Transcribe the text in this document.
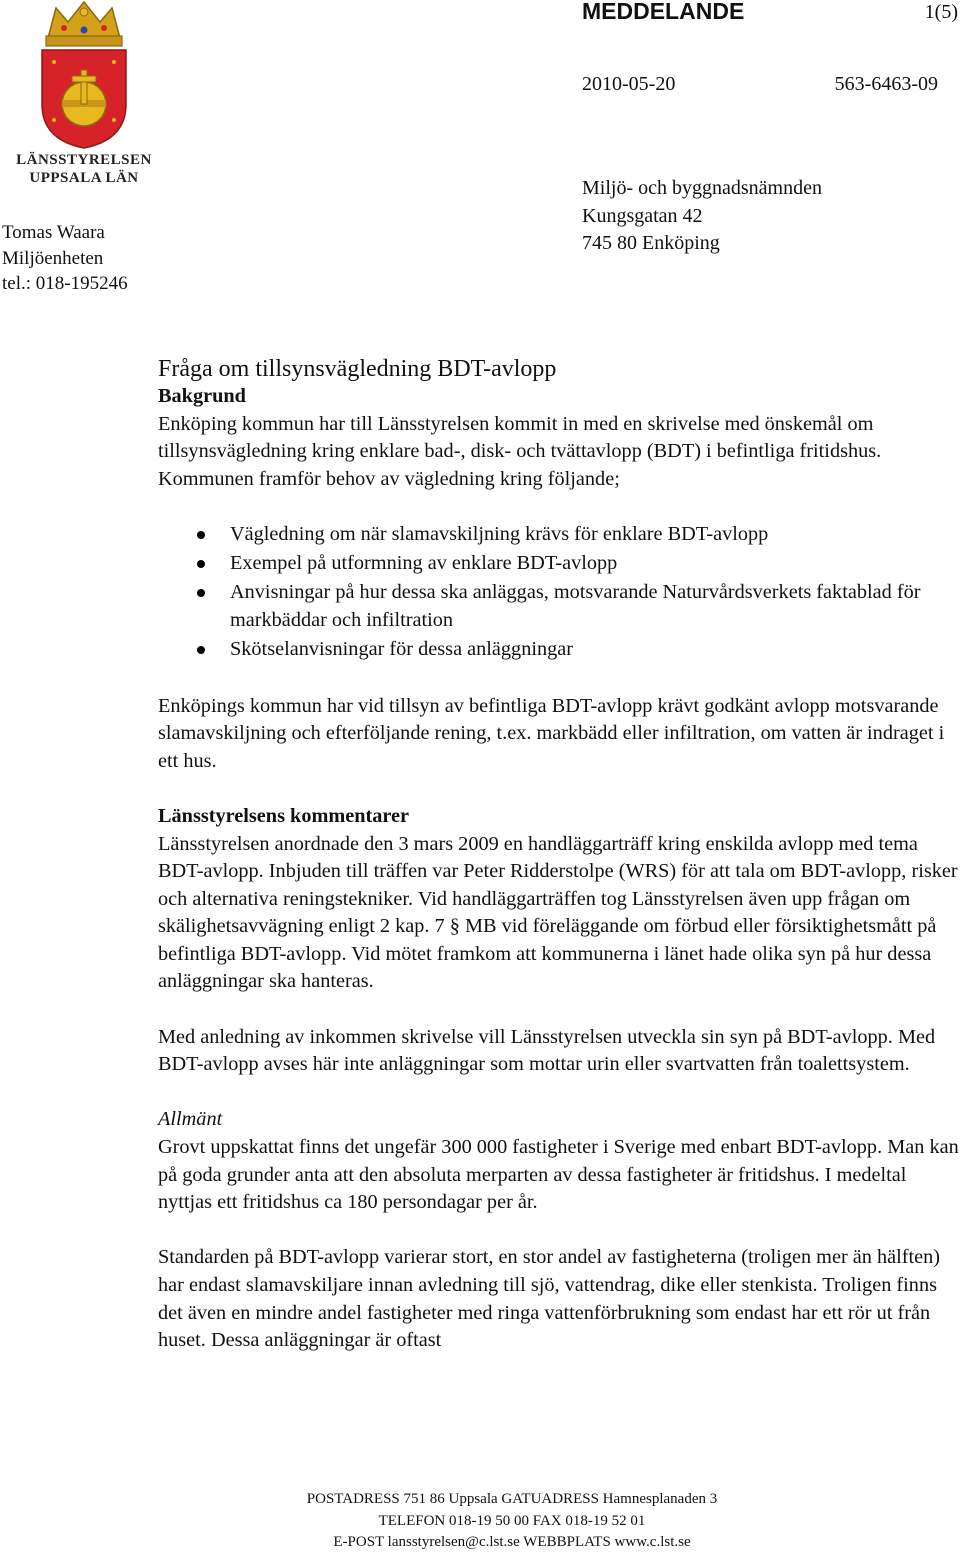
LÄNSSTYRELSEN
UPPSALA LÄN
Tomas Waara
Miljöenheten
tel.: 018-195246
MEDDELANDE	1(5)
2010-05-20	563-6463-09
Miljö- och byggnadsnämnden
Kungsgatan 42
745 80 Enköping

Fråga om tillsynsvägledning BDT-avlopp

Bakgrund

Enköping kommun har till Länsstyrelsen kommit in med en skrivelse med önskemål om tillsynsvägledning kring enklare bad-, disk- och tvättavlopp (BDT) i befintliga fritidshus. Kommunen framför behov av vägledning kring följande;

Vägledning om när slamavskiljning krävs för enklare BDT-avlopp
Exempel på utformning av enklare BDT-avlopp
Anvisningar på hur dessa ska anläggas, motsvarande Naturvårdsverkets faktablad för markbäddar och infiltration
Skötselanvisningar för dessa anläggningar

Enköpings kommun har vid tillsyn av befintliga BDT-avlopp krävt godkänt avlopp motsvarande slamavskiljning och efterföljande rening, t.ex. markbädd eller infiltration, om vatten är indraget i ett hus.

Länsstyrelsens kommentarer

Länsstyrelsen anordnade den 3 mars 2009 en handläggarträff kring enskilda avlopp med tema BDT-avlopp. Inbjuden till träffen var Peter Ridderstolpe (WRS) för att tala om BDT-avlopp, risker och alternativa reningstekniker. Vid handläggarträffen tog Länsstyrelsen även upp frågan om skälighetsavvägning enligt 2 kap. 7 § MB vid föreläggande om förbud eller försiktighetsmått på befintliga BDT-avlopp. Vid mötet framkom att kommunerna i länet hade olika syn på hur dessa anläggningar ska hanteras.

Med anledning av inkommen skrivelse vill Länsstyrelsen utveckla sin syn på BDT-avlopp. Med BDT-avlopp avses här inte anläggningar som mottar urin eller svartvatten från toalettsystem.

Allmänt

Grovt uppskattat finns det ungefär 300 000 fastigheter i Sverige med enbart BDT-avlopp. Man kan på goda grunder anta att den absoluta merparten av dessa fastigheter är fritidshus. I medeltal nyttjas ett fritidshus ca 180 persondagar per år.

Standarden på BDT-avlopp varierar stort, en stor andel av fastigheterna (troligen mer än hälften) har endast slamavskiljare innan avledning till sjö, vattendrag, dike eller stenkista. Troligen finns det även en mindre andel fastigheter med ringa vattenförbrukning som endast har ett rör ut från huset. Dessa anläggningar är oftast

POSTADRESS 751 86 Uppsala GATUADRESS Hamnesplanaden 3
TELEFON 018-19 50 00 FAX 018-19 52 01
E-POST lansstyrelsen@c.lst.se WEBBPLATS www.c.lst.se
